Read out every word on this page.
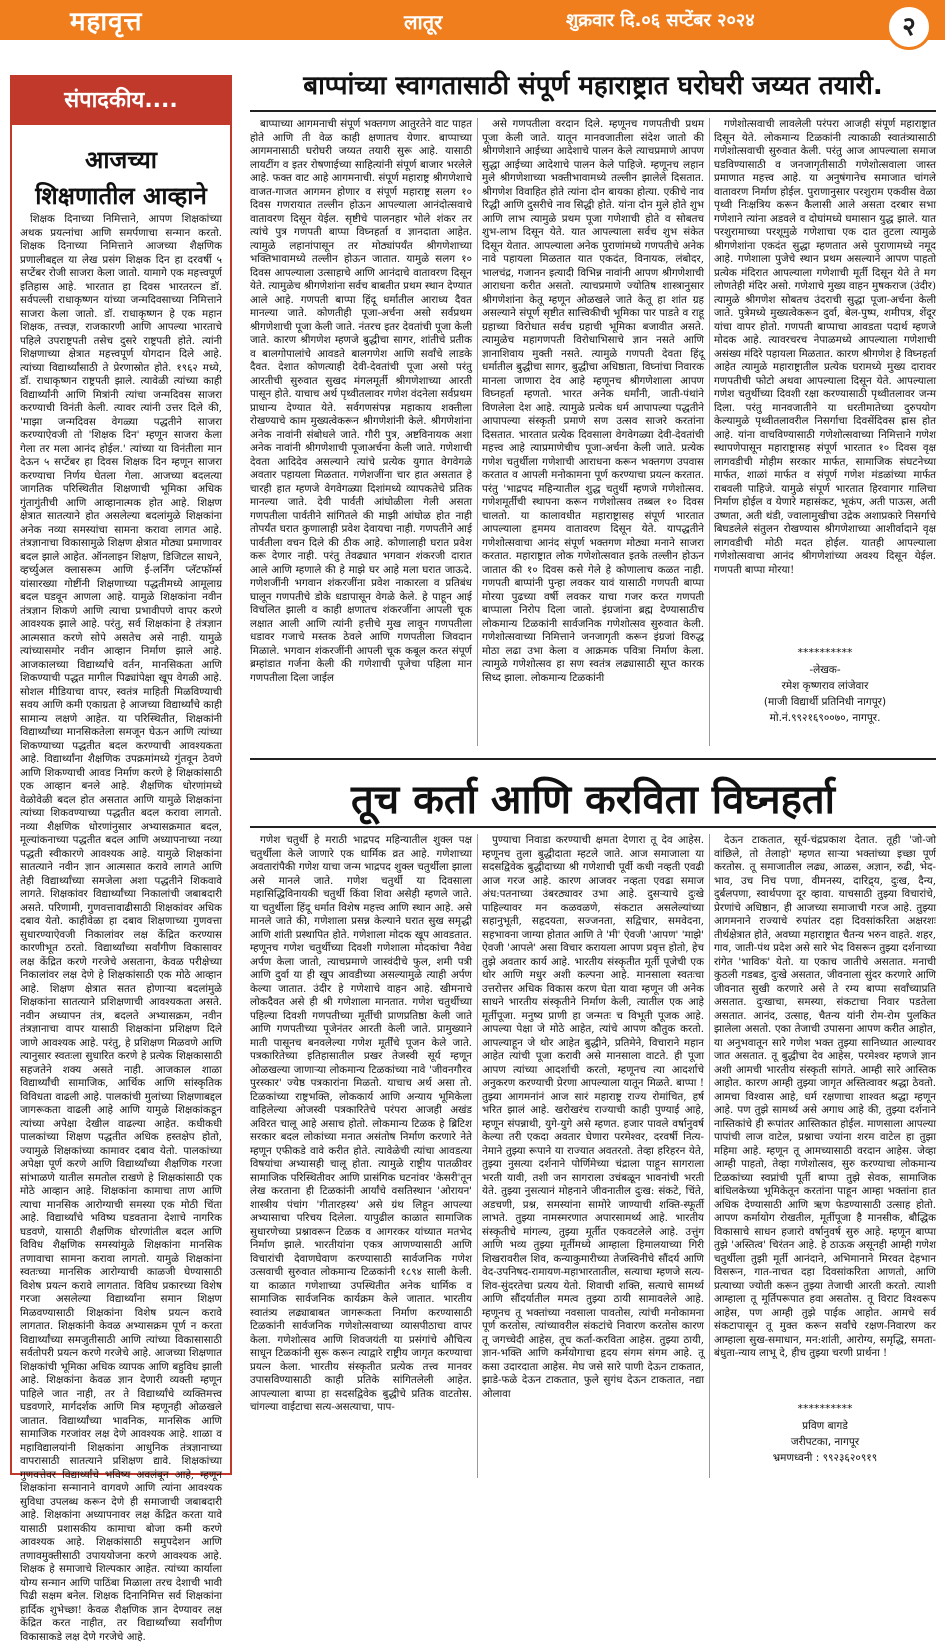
महावृत्त	लातूर	शुक्रवार दि.०६ सप्टेंबर २०२४	२
संपादकीय....
आजच्या
शिक्षणातील आव्हाने

शिक्षक दिनाच्या निमित्ताने, आपण शिक्षकांच्या अथक प्रयत्नांचा आणि समर्पणाचा सन्मान करतो. शिक्षक दिनाच्या निमित्ताने आजच्या शैक्षणिक प्रणालीबद्दल या लेख प्रसंग शिक्षक दिन हा दरवर्षी ५ सप्टेंबर रोजी साजरा केला जातो. यामागे एक महत्त्वपूर्ण इतिहास आहे. भारतात हा दिवस भारतरत्न डॉ. सर्वपल्ली राधाकृष्णन यांच्या जन्मदिवसाच्या निमित्ताने साजरा केला जातो. डॉ. राधाकृष्णन हे एक महान शिक्षक, तत्त्वज्ञ, राजकारणी आणि आपल्या भारताचे पहिले उपराष्ट्रपती तसेच दुसरे राष्ट्रपती होते. त्यांनी शिक्षणाच्या क्षेत्रात महत्त्वपूर्ण योगदान दिले आहे. त्यांच्या विद्यार्थ्यांसाठी ते प्रेरणास्रोत होते. १९६२ मध्ये, डॉ. राधाकृष्णन राष्ट्रपती झाले. त्यावेळी त्यांच्या काही विद्यार्थ्यांनी आणि मित्रांनी त्यांचा जन्मदिवस साजरा करण्याची विनंती केली. त्यावर त्यांनी उत्तर दिले की, 'माझा जन्मदिवस वेगळ्या पद्धतीने साजरा करण्याऐवजी तो 'शिक्षक दिन' म्हणून साजरा केला गेला तर मला आनंद होईल.' त्यांच्या या विनंतीला मान देऊन ५ सप्टेंबर हा दिवस शिक्षक दिन म्हणून साजरा करण्याचा निर्णय घेतला गेला. आजच्या बदलत्या जागतिक परिस्थितीत शिक्षणाची भूमिका अधिक गुंतागुंतीची आणि आव्हानात्मक होत आहे. शिक्षण क्षेत्रात सातत्याने होत असलेल्या बदलांमुळे शिक्षकांना अनेक नव्या समस्यांचा सामना करावा लागत आहे. तंत्रज्ञानाचा विकासामुळे शिक्षण क्षेत्रात मोठ्या प्रमाणावर बदल झाले आहेत. ऑनलाइन शिक्षण, डिजिटल साधने, व्हर्च्युअल क्लासरूम आणि ई-लर्निंग प्लॅटफॉर्म्स यांसारख्या गोष्टींनी शिक्षणाच्या पद्धतीमध्ये आमूलाग्र बदल घडवून आणला आहे. यामुळे शिक्षकांना नवीन तंत्रज्ञान शिकणे आणि त्याचा प्रभावीपणे वापर करणे आवश्यक झाले आहे. परंतु, सर्व शिक्षकांना हे तंत्रज्ञान आत्मसात करणे सोपे असतेच असे नाही. यामुळे त्यांच्यासमोर नवीन आव्हान निर्माण झाले आहे. आजकालच्या विद्यार्थ्यांचे वर्तन, मानसिकता आणि शिकण्याची पद्धत मागील पिढ्यांपेक्षा खूप वेगळी आहे. सोशल मीडियाचा वापर, स्वतंत्र माहिती मिळविण्याची सवय आणि कमी एकाग्रता हे आजच्या विद्यार्थ्यांचे काही सामान्य लक्षणे आहेत. या परिस्थितीत, शिक्षकांनी विद्यार्थ्यांच्या मानसिकतेला समजून घेऊन आणि त्यांच्या शिकण्याच्या पद्धतीत बदल करण्याची आवश्यकता आहे. विद्यार्थ्यांना शैक्षणिक उपक्रमांमध्ये गुंतवून ठेवणे आणि शिकण्याची आवड निर्माण करणे हे शिक्षकांसाठी एक आव्हान बनले आहे. शैक्षणिक धोरणांमध्ये वेळोवेळी बदल होत असतात आणि यामुळे शिक्षकांना त्यांच्या शिकवण्याच्या पद्धतीत बदल करावा लागतो. नव्या शैक्षणिक धोरणांनुसार अभ्यासक्रमात बदल, मूल्यांकनाच्या पद्धतीत बदल आणि अध्यापनाच्या नव्या पद्धती स्वीकारणे आवश्यक आहे. यामुळे शिक्षकांना सातत्याने नवीन ज्ञान आत्मसात करावे लागते आणि तेही विद्यार्थ्यांच्या समजेला अशा पद्धतीने शिकवावे लागते. शिक्षकांवर विद्यार्थ्यांच्या निकालांची जबाबदारी असते. परिणामी, गुणवत्तावाढीसाठी शिक्षकांवर अधिक दबाव येतो. काहीवेळा हा दबाव शिक्षणाच्या गुणवत्ता सुधारण्याऐवजी निकालांवर लक्ष केंद्रित करण्यास कारणीभूत ठरतो. विद्यार्थ्यांच्या सर्वांगीण विकासावर लक्ष केंद्रित करणे गरजेचे असताना, केवळ परीक्षेच्या निकालांवर लक्ष देणे हे शिक्षकांसाठी एक मोठे आव्हान आहे. शिक्षण क्षेत्रात सतत होणाऱ्या बदलांमुळे शिक्षकांना सातत्याने प्रशिक्षणाची आवश्यकता असते. नवीन अध्यापन तंत्र, बदलते अभ्यासक्रम, नवीन तंत्रज्ञानाचा वापर यासाठी शिक्षकांना प्रशिक्षण दिले जाणे आवश्यक आहे. परंतु, हे प्रशिक्षण मिळवणे आणि त्यानुसार स्वतःला सुधारित करणे हे प्रत्येक शिक्षकासाठी सहजतेने शक्य असते नाही. आजकाल शाळा विद्यार्थ्यांची सामाजिक, आर्थिक आणि सांस्कृतिक विविधता वाढली आहे. पालकांची मुलांच्या शिक्षणाबद्दल जागरूकता वाढली आहे आणि यामुळे शिक्षकांकडून त्यांच्या अपेक्षा देखील वाढल्या आहेत. कधीकधी पालकांच्या शिक्षण पद्धतीत अधिक हस्तक्षेप होतो, ज्यामुळे शिक्षकांच्या कामावर दबाव येतो. पालकांच्या अपेक्षा पूर्ण करणे आणि विद्यार्थ्यांच्या शैक्षणिक गरजा सांभाळणे यातील समतोल राखणे हे शिक्षकांसाठी एक मोठे आव्हान आहे. शिक्षकांना कामाचा ताण आणि त्याचा मानसिक आरोग्याची समस्या एक मोठी चिंता आहे. विद्यार्थ्यांचे भविष्य घडवताना देशाचे नागरिक घडवणे, यासाठी शैक्षणिक धोरणांतील बदल आणि विविध शैक्षणिक समस्यांमुळे शिक्षकांना मानसिक तणावाचा सामना करावा लागतो. यामुळे शिक्षकांना स्वतःच्या मानसिक आरोग्याची काळजी घेण्यासाठी विशेष प्रयत्न करावे लागतात. विविध प्रकारच्या विशेष गरजा असलेल्या विद्यार्थ्यांना समान शिक्षण मिळवण्यासाठी शिक्षकांना विशेष प्रयत्न करावे लागतात. शिक्षकांनी केवळ अभ्यासक्रम पूर्ण न करता विद्यार्थ्यांच्या समजुतीसाठी आणि त्यांच्या विकासासाठी सर्वतोपरी प्रयत्न करणे गरजेचे आहे. आजच्या शिक्षणात शिक्षकांची भूमिका अधिक व्यापक आणि बहुविध झाली आहे. शिक्षकांना केवळ ज्ञान देणारी व्यक्ती म्हणून पाहिले जात नाही, तर ते विद्यार्थ्यांचे व्यक्तिमत्त्व घडवणारे, मार्गदर्शक आणि मित्र म्हणूनही ओळखले जातात. विद्यार्थ्यांच्या भावनिक, मानसिक आणि सामाजिक गरजांवर लक्ष देणे आवश्यक आहे. शाळा व महाविद्यालयांनी शिक्षकांना आधुनिक तंत्रज्ञानाच्या वापरासाठी सातत्याने प्रशिक्षण द्यावे. शिक्षकांच्या गुणवत्तेवर विद्यार्थ्यांचे भविष्य अवलंबून आहे, म्हणून शिक्षकांना सन्मानाने वागवणे आणि त्यांना आवश्यक सुविधा उपलब्ध करून देणे ही समाजाची जबाबदारी आहे. शिक्षकांना अध्यापनावर लक्ष केंद्रित करता यावे यासाठी प्रशासकीय कामाचा बोजा कमी करणे आवश्यक आहे. शिक्षकांसाठी समुपदेशन आणि तणावमुक्तीसाठी उपाययोजना करणे आवश्यक आहे. शिक्षक हे समाजाचे शिल्पकार आहेत. त्यांच्या कार्याला योग्य सन्मान आणि पाठिंबा मिळाला तरच देशाची भावी पिढी सक्षम बनेल. शिक्षक दिनानिमित्त सर्व शिक्षकांना हार्दिक शुभेच्छा! केवळ शैक्षणिक ज्ञान देण्यावर लक्ष केंद्रित करत नाहीत, तर विद्यार्थ्यांच्या सर्वांगीण विकासाकडे लक्ष देणे गरजेचे आहे.

बाप्पांच्या स्वागतासाठी संपूर्ण महाराष्ट्रात घरोघरी जय्यत तयारी.

बाप्पाच्या आगमनाची संपूर्ण भक्तगण आतुरतेने वाट पाहत होते आणि ती वेळ काही क्षणातच येणार. बाप्पाच्या आगमनासाठी घरोघरी जय्यत तयारी सुरू आहे. यासाठी लायटींग व इतर रोषणाईच्या साहित्यांनी संपूर्ण बाजार भरलेले आहे. फक्त वाट आहे आगमनाची. संपूर्ण महाराष्ट्र श्रीगणेशाचे वाजत-गाजत आगमन होणार व संपूर्ण महाराष्ट्र सलग १० दिवस गणरायात तल्लीन होऊन आपल्याला आनंदोत्सवाचे वातावरण दिसून येईल. सृष्टीचे पालनहार भोले शंकर तर त्यांचे पुत्र गणपती बाप्पा विघ्नहर्ता व ज्ञानदाता आहेत. त्यामुळे लहानांपासून तर मोठ्यांपर्यंत श्रीगणेशाच्या भक्तिभावामध्ये तल्लीन होऊन जातात. यामुळे सलग १० दिवस आपल्याला उत्साहाचे आणि आनंदाचे वातावरण दिसून येते. त्यामुळेच श्रीगणेशांना सर्वच बाबतीत प्रथम स्थान देण्यात आले आहे. गणपती बाप्पा हिंदू धर्मातील आराध्य दैवत मानल्या जाते. कोणतीही पूजा-अर्चना असो सर्वप्रथम श्रीगणेशाची पूजा केली जाते. नंतरच इतर देवतांची पूजा केली जाते. कारण श्रीगणेश म्हणजे बुद्धीचा सागर, शांतीचे प्रतीक व बालगोपालांचे आवडते बालगणेश आणि सर्वांचे लाडके दैवत. देशात कोणत्याही देवी-देवतांची पूजा असो परंतु आरतीची सुरुवात सुखद मंगलमूर्ती श्रीगणेशाच्या आरती पासून होते. याचाच अर्थ पृथ्वीतलावर गणेश वंदनेला सर्वप्रथम प्राधान्य देण्यात येते. सर्वगणसंपन्न महाकाय शक्तीला रोखण्याचे काम मुख्यत्वेकरून श्रीगणेशांनी केले. श्रीगणेशांना अनेक नावांनी संबोधले जाते. गौरी पुत्र, अष्टविनायक अशा अनेक नावांनी श्रीगणेशाची पूजाअर्चना केली जाते. गणेशाची देवता आदिदेव असल्याने त्यांचे प्रत्येक युगात वेगवेगळे अवतार पहायला मिळतात. गणेशजींना चार हात असतात हे चारही हात म्हणजे वेगवेगळ्या दिशांमध्ये व्यापकतेचे प्रतिक मानल्या जाते. देवी पार्वती आंघोळीला गेली असता गणपतीला पार्वतीने सांगितले की माझी आंघोळ होत नाही तोपर्यंत घरात कुणालाही प्रवेश देवायचा नाही. गणपतीने आई पार्वतीला वचन दिले की ठीक आहे. कोणालाही घरात प्रवेश करू देणार नाही. परंतु तेवढ्यात भगवान शंकरजी दारात आले आणि म्हणाले की हे माझे घर आहे मला घरात जाऊदे. गणेशजींनी भगवान शंकरजींना प्रवेश नाकारला व प्रतिबंध घालून गणपतीचे डोके धडापासून वेगळे केले. हे पाहून आई विचलित झाली व काही क्षणातच शंकरजींना आपली चूक लक्षात आली आणि त्यांनी हत्तीचे मुख लावून गणपतीला धडावर गजाचे मस्तक ठेवले आणि गणपतीला जिवदान मिळाले. भगवान शंकरजींनी आपली चूक कबूल करत संपूर्ण ब्रम्हांडात गर्जना केली की गणेशाची पूजेचा पहिला मान गणपतीला दिला जाईल

असे गणपतीला वरदान दिले. म्हणूनच गणपतीची प्रथम पूजा केली जाते. यातून मानवजातीला संदेश जातो की श्रीगणेशाने आईच्या आदेशाचे पालन केले त्याचप्रमाणे आपण सुद्धा आईच्या आदेशाचे पालन केले पाहिजे. म्हणूनच लहान मुले श्रीगणेशाच्या भक्तीभावामध्ये तल्लीन झालेले दिसतात. श्रीगणेश विवाहित होते त्यांना दोन बायका होत्या. एकीचे नाव रिद्धी आणि दुसरीचे नाव सिद्धी होते. यांना दोन मुले होते शुभ आणि लाभ त्यामुळे प्रथम पूजा गणेशाची होते व सोबतच शुभ-लाभ दिसून येते. यात आपल्याला सर्वच शुभ संकेत दिसून येतात. आपल्याला अनेक पुराणांमध्ये गणपतीचे अनेक नावे पहायला मिळतात यात एकदंत, विनायक, लंबोदर, भालचंद्र, गजानन इत्यादी विभिन्न नावांनी आपण श्रीगणेशाची आराधना करीत असतो. त्याचप्रमाणे ज्योतिष शास्त्रानुसार श्रीगणेशांना केतू म्हणून ओळखले जाते केतू हा शांत ग्रह असल्याने संपूर्ण सृष्टीत सात्त्विकीची भूमिका पार पाडते व राहू ग्रहाच्या विरोधात सर्वच ग्रहाची भूमिका बजावीत असते. त्यामुळेच महागणपती विरोधाभिसाचे ज्ञान नसते आणि ज्ञानाशिवाय मुक्ती नसते. त्यामुळे गणपती देवता हिंदू धर्मातील बुद्धीचा सागर, बुद्धीचा अधिष्ठाता, विघ्नांचा निवारक मानला जाणारा देव आहे म्हणूनच श्रीगणेशाला आपण विघ्नहर्ता म्हणतो. भारत अनेक धर्मांनी, जाती-पंथांने विणलेला देश आहे. त्यामुळे प्रत्येक धर्म आपापल्या पद्धतीने आपापल्या संस्कृती प्रमाणे सण उत्सव साजरे करतांना दिसतात. भारतात प्रत्येक दिवसाला वेगवेगळ्या देवी-देवतांची महत्त्व आहे त्याप्रमाणेचीच पूजा-अर्चना केली जाते. प्रत्येक गणेश चतुर्थीला गणेशाची आराधना करून भक्तगण उपवास करतात व आपली मनोकामना पूर्ण करण्याचा प्रयत्न करतात. परंतु 'भाद्रपद महिन्यातील शुद्ध चतुर्थी म्हणजे गणेशोत्सव. गणेशमूर्तीची स्थापना करून गणेशोत्सव तब्बल १० दिवस चालतो. या कालावधीत महाराष्ट्रासह संपूर्ण भारतात आपल्याला हृममय वातावरण दिसून येते. यापद्धतीने गणेशोत्सवाचा आनंद संपूर्ण भक्तगण मोठ्या मनाने साजरा करतात. महाराष्ट्रात लोक गणेशोत्सवात इतके तल्लीन होऊन जातात की १० दिवस कसे गेले हे कोणालाच कळत नाही. गणपती बाप्पांनी पुन्हा लवकर यावं यासाठी गणपती बाप्पा मोरया पुढच्या वर्षी लवकर याचा गजर करत गणपती बाप्पाला निरोप दिला जातो. इंग्रजांना ब्रह्म देण्यासाठीच लोकमान्य टिळकांनी सार्वजनिक गणेशोत्सव सुरुवात केली. गणेशोत्सवाच्या निमित्ताने जनजागृती करून इंग्रजां विरुद्ध मोठा लढा उभा केला व आक्रमक पवित्रा निर्माण केला. त्यामुळे गणेशोत्सव हा सण स्वतंत्र लढ्यासाठी सूप्त कारक सिध्द झाला. लोकमान्य टिळकांनी

गणेशोत्सवाची लावलेली परंपरा आजही संपूर्ण महाराष्ट्रात दिसून येते. लोकमान्य टिळकांनी त्याकाळी स्वातंत्र्यासाठी गणेशोत्सवाची सुरुवात केली. परंतु आज आपल्याला समाज घडविण्यासाठी व जनजागृतीसाठी गणेशोत्सवाला जास्त प्रमाणात महत्त्व आहे. या अनुषंगानेच समाजात चांगले वातावरण निर्माण होईल. पुराणानुसार परशुराम एकवीस वेळा पृथ्वी निःक्षत्रिय करून कैलासी आले असता दरबार सभा गणेशाने त्यांना अडवले व दोघांमध्ये घमासान युद्ध झाले. यात परशुरामाच्या परशूमुळे गणेशाचा एक दात तुटला त्यामुळे श्रीगणेशांना एकदंत सुद्धा म्हणतात असे पुराणामध्ये नमूद आहे. गणेशाला पुजेचे स्थान प्रथम असल्याने आपण पाहतो प्रत्येक मंदिरात आपल्याला गणेशाची मूर्ती दिसून येते ते मग लोणतेही मंदिर असो. गणेशाचे मुख्य वाहन मुषकराज (उंदीर) त्यामुळे श्रीगणेश सोबतच उंदराची सुद्धा पूजा-अर्चना केली जाते. पुत्रेमध्ये मुख्यत्वेकरून दुर्वा, बेल-पुष्प, शमीपत्र, शेंदूर यांचा वापर होतो. गणपती बाप्पाचा आवडता पदार्थ म्हणजे मोदक आहे. त्यावरचरच नेपाळमध्ये आपल्याला गणेशाची असंख्य मंदिरे पहायला मिळतात. कारण श्रीगणेश हे विघ्नहर्ता आहेत त्यामुळे महाराष्ट्रातील प्रत्येक घरामध्ये मुख्य दारावर गणपतीची फोटो अथवा आपल्याला दिसून येते. आपल्याला गणेश चतुर्थीच्या दिवशी रक्षा करण्यासाठी पृथ्वीतलावर जन्म दिला. परंतु मानवजातीने या धरतीमातेच्या दुरुपयोग केल्यामुळे पृथ्वीतलावरील निसर्गाचा दिवसेंदिवस ह्रास होत आहे. यांना वाचविण्यासाठी गणेशोत्सवाच्या निमित्ताने गणेश स्थापणेपासून महाराष्ट्रासह संपूर्ण भारतात १० दिवस वृक्ष लागवडीची मोहीम सरकार मार्फत, सामाजिक संघटनेच्या मार्फत, शाळां मार्फत व संपूर्ण गणेश मंडळांच्या मार्फत राबवली पाहिजे. यामुळे संपूर्ण भारतात हिरवागार गालिचा निर्माण होईल व येणारे महासंकट, भूकंप, अती पाऊस, अती उष्णता, अती थंडी, ज्वालामुखीचा उद्रेक अशाप्रकारे निसर्गाचे बिघडलेले संतुलन रोखण्यास श्रीगणेशाच्या आशीर्वादाने वृक्ष लागवडीची मोठी मदत होईल. यातही आपल्याला गणेशोत्सवाचा आनंद श्रीगणेशांच्या अवश्य दिसून येईल. गणपती बाप्पा मोरया!

**********
-लेखक-
रमेश कृष्णराव लांजेवार
(माजी विद्यार्थी प्रतिनिधी नागपूर)
मो.नं.९९२१६९००७०, नागपूर.
तूच कर्ता आणि करविता विघ्नहर्ता

गणेश चतुर्थी हे मराठी भाद्रपद महिन्यातील शुक्ल पक्ष चतुर्थीला केले जाणारे एक धार्मिक व्रत आहे. गणेशाच्या अवतारांपैकी गणेश याचा जन्म भाद्रपद शुक्ल चतुर्थीला झाला असे मानले जाते. गणेश चतुर्थी या दिवसाला महासिद्धिविनायकी चतुर्थी किंवा शिवा असेही म्हणले जाते. या चतुर्थीला हिंदू धर्मात विशेष महत्त्व आणि स्थान आहे. असे मानले जाते की, गणेशाला प्रसन्न केल्याने घरात सुख समृद्धी आणि शांती प्रस्थापित होते. गणेशाला मोदक खूप आवडतात. म्हणूनच गणेश चतुर्थीच्या दिवशी गणेशाला मोदकांचा नैवेद्य अर्पण केला जातो, त्याचप्रमाणे जास्वंदीचे फुल, शमी पत्री आणि दुर्वा या ही खूप आवडीच्या असल्यामुळे त्याही अर्पण केल्या जातात. उंदीर हे गणेशाचे वाहन आहे. खीमनाचे लोकदैवत असे ही श्री गणेशाला मानतात. गणेश चतुर्थीच्या पहिल्या दिवशी गणपतीच्या मूर्तीची प्राणप्रतिष्ठा केली जाते आणि गणपतीच्या पूजेनंतर आरती केली जाते. प्रामुख्याने माती पासूनच बनवलेल्या गणेश मूर्तींचे पूजन केले जाते. पत्रकारितेच्या इतिहासातील प्रखर तेजस्वी सूर्य म्हणून ओळखल्या जाणाऱ्या लोकमान्य टिळकांच्या नावे 'जीवनगौरव पुरस्कार' ज्येष्ठ पत्रकारांना मिळतो. याचाच अर्थ असा तो. टिळकांच्या राष्ट्रभक्ति, लोककार्य आणि अन्याय भूमिकेला वाहिलेल्या ओजस्वी पत्रकारितेचे परंपरा आजही अखंड अविरत चालू आहे असाच होतो. लोकमान्य टिळक हे ब्रिटिश सरकार बदल लोकांच्या मनात असंतोष निर्माण करणारे नेते म्हणून एफीकडे वावे करीत होते. त्यावेळेची त्यांचा आवडत्या विषयांचा अभ्यासही चालू होता. त्यामुळे राष्ट्रीय पातळीवर सामाजिक परिस्थितीवर आणि प्रासंगिक घटनांवर 'केसरी'तून लेख करताना ही टिळकांनी आर्यांचे वसतिस्थान 'ओरायन' शास्त्रीय पंचांग 'गीतारहस्य' असे ग्रंथ लिहून आपल्या अभ्यासाचा परिचय दिलेला. यापुढील काळात सामाजिक सुधारणेच्या प्रश्नावरून टिळक व आगरकर यांच्यात मतभेद निर्माण झाले. भारतीयांना एकत्र आणण्यासाठी आणि विचारांची देवाणघेवाण करण्यासाठी सार्वजनिक गणेश उत्सवाची सुरुवात लोकमान्य टिळकांनी १८९४ साली केली. या काळात गणेशाच्या उपस्थितीत अनेक धार्मिक व सामाजिक सार्वजनिक कार्यक्रम केले जातात. भारतीय स्वातंत्र्य लढ्याबाबत जागरूकता निर्माण करण्यासाठी टिळकांनी सार्वजनिक गणेशोत्सवाच्या व्यासपीठाचा वापर केला. गणेशोत्सव आणि शिवजयंती या प्रसंगांचे औचित्य साधून टिळकांनी सुरू करून त्याद्वारे राष्ट्रीय जागृत करण्याचा प्रयत्न केला. भारतीय संस्कृतीत प्रत्येक तत्त्व मानवर उपासविण्यासाठी काही प्रतिके सांगितलेली आहेत. आपल्याला बाप्पा हा सदसद्विवेक बुद्धीचे प्रतिक वाटतोस. चांगल्या वाईटाचा सत्य-असत्याचा, पाप-

पुण्याचा निवाडा करण्याची क्षमता देणारा तू देव आहेस. म्हणूनच तुला बुद्धीदाता म्हटले जाते. आज समाजाला या सदसद्विवेक बुद्धीदाच्या श्री गणेशाची पूर्वी कधी नव्हती एवढी आज गरज आहे. कारण आजवर नव्हता एवढा समाज अंध:पतनाच्या उंबरठ्यावर उभा आहे. दुसऱ्याचे दुःखे पाहिल्यावर मन कळवळणे, संकटात असलेल्यांच्या सहानुभूती, सहृदयता, सज्जनता, सद्विचार, समवेदना, सहभावना जाग्या होतात आणि ते 'मी' ऐवजी 'आपण' 'माझे' ऐवजी 'आपले' असा विचार करायला आपण प्रवृत्त होतो, हेच तुझे अवतार कार्य आहे. भारतीय संस्कृतीत मूर्ती पूजेची एक थोर आणि मधुर अशी कल्पना आहे. मानसाला स्वतःचा उत्तरोत्तर अधिक विकास करण घेता यावा म्हणून जी अनेक साधने भारतीय संस्कृतीने निर्माण केली, त्यातील एक आहे मूर्तीपूजा. मनुष्य प्राणी हा जन्मतः च विभूती पूजक आहे. आपल्या पेक्षा जे मोठे आहेत, त्यांचे आपण कौतुक करतो. आपल्याहून जे थोर आहेत बुद्धीने, प्रतिमेने, विचाराने महान आहेत त्यांची पूजा करावी असे मानसाला वाटते. ही पूजा आपण त्यांच्या आदर्शाची करतो, म्हणूनच त्या आदर्शाचे अनुकरण करण्याची प्रेरणा आपल्याला यातून मिळते. बाप्पा ! तुझ्या आगमनांनं आज सारं महाराष्ट्र राज्य रोमांचित, हर्ष भरित झालं आहे. खरोखरंच राज्याची काही पुण्याई आहे, म्हणून संपन्नाथी, युगे-युगे असे म्हणत. हजार पावले वर्षानुवर्ष केल्या तरी एकदा अवतार घेणारा परमेश्वर, दरवर्षी नित्य-नेमाने तुझ्या रूपाने या राज्यात अवतरतो. तेव्हा हरिहरन येते, तुझ्या नुसत्या दर्शनाने पोर्णिमेच्या चंद्राला पाहून सागराला भरती यावी, तशी जन सागराला उचंबळून भावनांची भरती येते. तुझ्या नुसत्यानं मोहनाने जीवनातील दुःख: संकटे, चिंते, अडचणी, प्रश्न, समस्यांना सामोरे जाण्याची शक्ति-स्फूर्ती लाभते. तुझ्या नामस्मरणात अपारसामर्थ्य आहे. भारतीय संस्कृतीचे मांगल्य, तुझ्या मूर्तीत एकवटलेले आहे. उत्तुंग आणि भव्य तुझ्या मूर्तीमध्ये आम्हाला हिमालयाच्या गिरी शिखरावरील शिव, कन्याकुमारीच्या तेजस्विनीचे सौंदर्य आणि वेद-उपनिषद-रामायण-महाभारतातील, सत्याचा म्हणजे सत्य-शिव-सुंदरतेचा प्रत्यय येतो. शिवाची शक्ति, सत्याचे सामर्थ्य आणि सौंदर्यातील ममत्व तुझ्या ठायी सामावलेले आहे. म्हणूनच तू भक्तांच्या नवसाला पावतोस, त्यांची मनोकामना पूर्ण करतोस, त्यांच्यावरील संकटांचे निवारण करतोस कारण तू जगच्चेदी आहेस, तूच कर्ता-करविता आहेस. तुझ्या ठायी, ज्ञान-भक्ति आणि कर्मयोगाचा हृदय संगम संगम आहे. तू कसा उदारदाता आहेस. मेघ जसे सारे पाणी देऊन टाकतात, झाडे-फळे देऊन टाकतात, फुले सुगंध देऊन टाकतात, नद्या ओलावा

देऊन टाकतात, सूर्य-चंद्रप्रकाश देतात. तूही 'जो-जो वांछिले, तो तेलाहो' म्हणत साऱ्या भक्तांच्या इच्छा पूर्ण करतोस. तू समाजातील लढ्य, आळस, अज्ञान, रुढी, भेद-भाव, उच निच पणा, वीमनस्य, दारिद्र्य, दुःख, दैन्य, दुर्बलपणा, स्वार्थपणा दूर व्हावा. याचसाठी तुझ्या विचारांचे, प्रेरणांचे अधिष्ठान, ही आजच्या समाजाची गरज आहे. तुझ्या आगमनाने राज्याचे रुपांतर दहा दिवसांकरिता अक्षरशः तीर्थक्षेत्रात होते, अवघ्या महाराष्ट्रात चैतन्य भरुन वाहते. शहर, गाव, जाती-पंथ प्रदेश असे सारे भेद विसरून तुझ्या दर्शनाच्या रांगेत 'भाविक' येतो. या एकाच जातीचे असतात. मनाची कुठली गडबड, दुःखे असतात, जीवनाला सुंदर करणारे आणि जीवनात सुखी करणारे असे ते रम्य बाप्पा सर्वांच्याप्रति असतात. दुःखाचा, समस्या, संकटाचा निवार पडतेला असतात. आनंद, उत्साह, चैतन्य यांनी रोम-रोम पुलकित झालेला असतो. एका तेजाची उपासना आपण करीत आहोत, या अनुभवातून सारे गणेश भक्त तुझ्या सानिध्यात आल्यावर जात असतात. तू बुद्धीचा देव आहेस, परमेश्वर म्हणजे ज्ञान अशी आमची भारतीय संस्कृती सांगते. आम्ही सारे आस्तिक आहोत. कारण आम्ही तुझ्या जागृत अस्तित्वावर श्रद्धा ठेवतो. आमचा विश्वास आहे, धर्म रक्षणाचा शाश्वत श्रद्धा म्हणून आहे. पण तुझे सामर्थ्य असे अगाध आहे की, तुझ्या दर्शनाने नास्तिकांचे ही रूपांतर आस्तिकात होईल. माणसाला आपल्या पापांची लाज वाटेल, प्रश्नाचा ज्यांना शरम वाटेल हा तुझा महिमा आहे. म्हणून तू आमच्यासाठी वरदान आहेस. जेव्हा आम्ही पाहतो, तेव्हा गणेशोत्सव, सुरु करण्याचा लोकमान्य टिळकांच्या स्वप्नांची पूर्ती बाप्पा तुझे सेवक, सामाजिक बांधिलकेच्या भूमिकेतून करतांना पाहून आम्हा भक्तांना हात अधिक देण्यासाठी आणि ऋण फेडण्यासाठी उत्साह होतो. आपण कर्मायोग रोखतील, मूर्तीपूजा है मानसीक, बौद्धिक विकासाचे साधन हजारो वर्षानुवर्ष सुरु आहे. म्हणून बाप्पा तुझे 'अस्तित्व' चिरंतन आहे. हे ठाऊक असूनही आम्ही गणेश चतुर्थीला तुझी मूर्ती आनंदाने, अभिमानाने मिरवत देहभान विसरून, गात-नाचत दहा दिवसांकरिता आणतो, आणि प्रत्याच्या ज्योती करून तुझ्या तेजाची आरती करतो. त्याशी आम्हाला तू मूर्तिपरूपात हवा असतोस. तू विराट विश्वरूप आहेस, पण आम्ही तुझे पाईक आहोत. आमचे सर्व संकटापासून तू मुक्त करून सर्वांचे रक्षण-निवारण कर आम्हाला सुख-समाधान, मन:शांती, आरोग्य, समृद्धि, समता-बंधुता-न्याय लाभू दे, हीच तुझ्या चरणी प्रार्थना !

**********
प्रविण बागडे
जरीपटका, नागपूर
भ्रमणध्वनी : ९९२३६२०९१९
